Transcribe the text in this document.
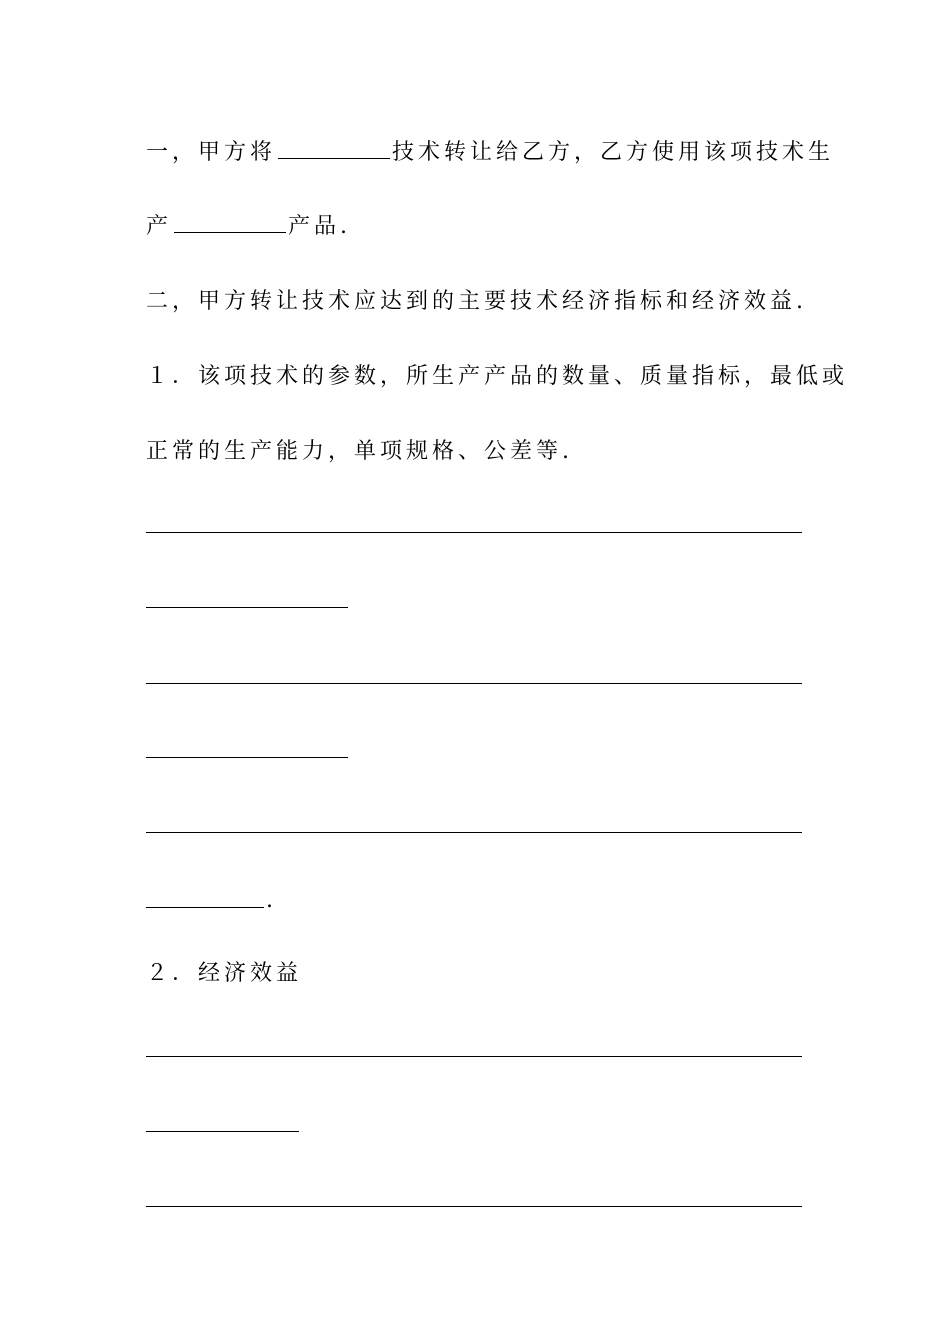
一，甲方将	技术转让给乙方，乙方使用该项技术生
产	产品.
二，甲方转让技术应达到的主要技术经济指标和经济效益.
１．该项技术的参数，所生产产品的数量、质量指标，最低或
正常的生产能力，单项规格、公差等.
.
２．经济效益
